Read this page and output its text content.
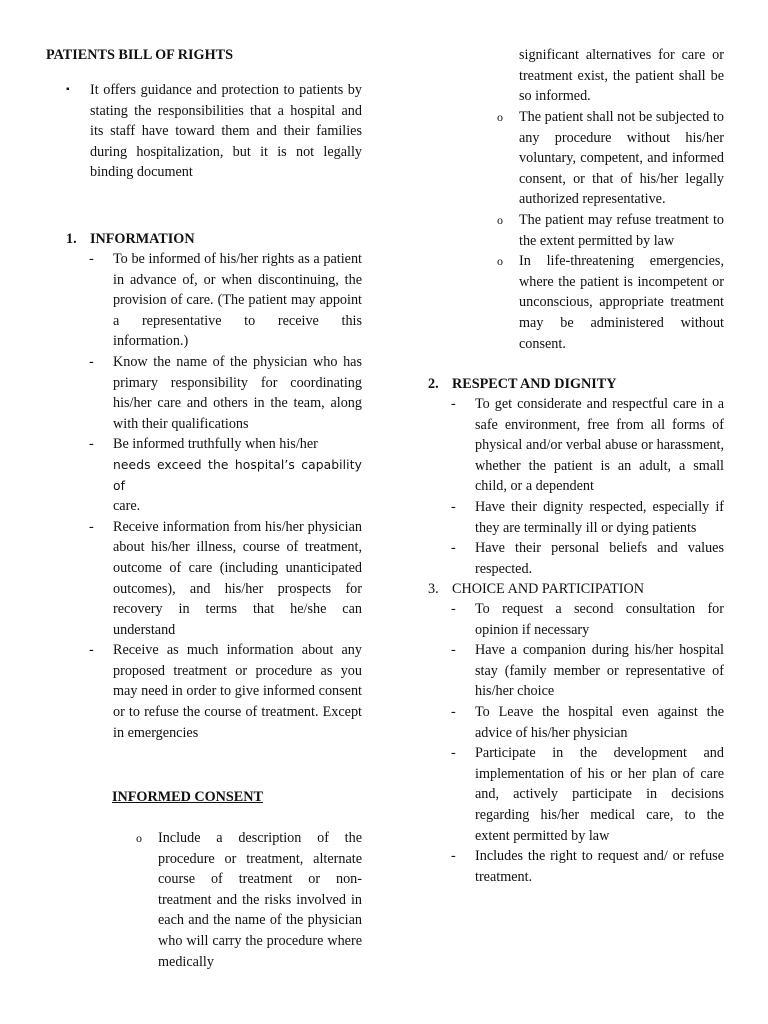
PATIENTS BILL OF RIGHTS
▪ It offers guidance and protection to patients by stating the responsibilities that a hospital and its staff have toward them and their families during hospitalization, but it is not legally binding document
1. INFORMATION
- To be informed of his/her rights as a patient in advance of, or when discontinuing, the provision of care. (The patient may appoint a representative to receive this information.)
- Know the name of the physician who has primary responsibility for coordinating his/her care and others in the team, along with their qualifications
- Be informed truthfully when his/her
needs exceed the hospital’s capability of
care.
- Receive information from his/her physician about his/her illness, course of treatment, outcome of care (including unanticipated outcomes), and his/her prospects for recovery in terms that he/she can understand
- Receive as much information about any proposed treatment or procedure as you may need in order to give informed consent or to refuse the course of treatment. Except in emergencies
INFORMED CONSENT
o Include a description of the procedure or treatment, alternate course of treatment or non-treatment and the risks involved in each and the name of the physician who will carry the procedure where medically
significant alternatives for care or treatment exist, the patient shall be so informed.
o The patient shall not be subjected to any procedure without his/her voluntary, competent, and informed consent, or that of his/her legally authorized representative.
o The patient may refuse treatment to the extent permitted by law
o In life-threatening emergencies, where the patient is incompetent or unconscious, appropriate treatment may be administered without consent.
2. RESPECT AND DIGNITY
- To get considerate and respectful care in a safe environment, free from all forms of physical and/or verbal abuse or harassment, whether the patient is an adult, a small child, or a dependent
- Have their dignity respected, especially if they are terminally ill or dying patients
- Have their personal beliefs and values respected.
3. CHOICE AND PARTICIPATION
- To request a second consultation for opinion if necessary
- Have a companion during his/her hospital stay (family member or representative of his/her choice
- To Leave the hospital even against the advice of his/her physician
- Participate in the development and implementation of his or her plan of care and, actively participate in decisions regarding his/her medical care, to the extent permitted by law
- Includes the right to request and/ or refuse treatment.
